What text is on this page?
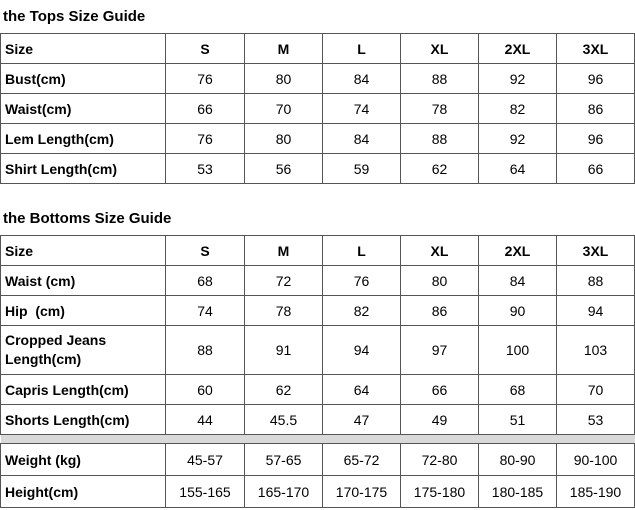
the Tops Size Guide
Size	S	M	L	XL	2XL	3XL
Bust(cm)	76	80	84	88	92	96
Waist(cm)	66	70	74	78	82	86
Lem Length(cm)	76	80	84	88	92	96
Shirt Length(cm)	53	56	59	62	64	66
the Bottoms Size Guide
Size	S	M	L	XL	2XL	3XL
Waist (cm)	68	72	76	80	84	88
Hip  (cm)	74	78	82	86	90	94
Cropped Jeans Length(cm)	88	91	94	97	100	103
Capris Length(cm)	60	62	64	66	68	70
Shorts Length(cm)	44	45.5	47	49	51	53

Weight (kg)	45-57	57-65	65-72	72-80	80-90	90-100
Height(cm)	155-165	165-170	170-175	175-180	180-185	185-190
